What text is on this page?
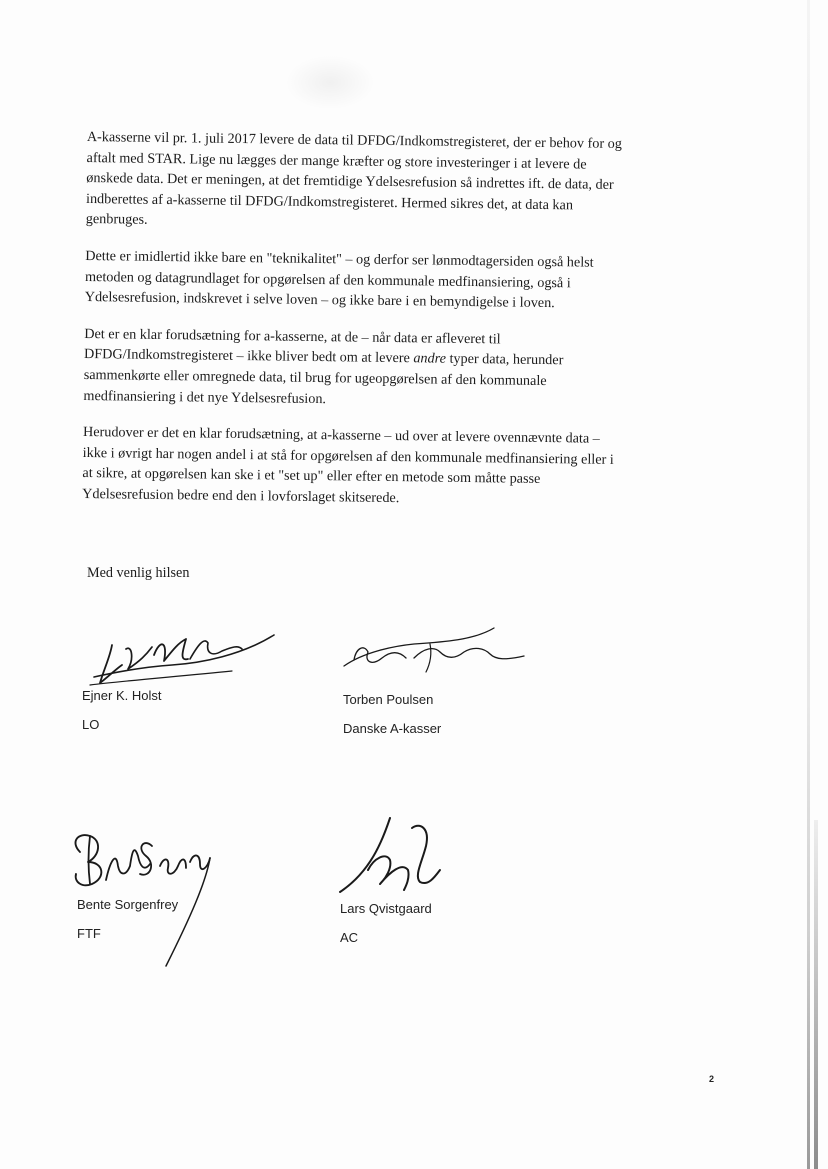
A-kasserne vil pr. 1. juli 2017 levere de data til DFDG/Indkomstregisteret, der er behov for og
aftalt med STAR. Lige nu lægges der mange kræfter og store investeringer i at levere de
ønskede data. Det er meningen, at det fremtidige Ydelsesrefusion så indrettes ift. de data, der
indberettes af a-kasserne til DFDG/Indkomstregisteret. Hermed sikres det, at data kan
genbruges.

Dette er imidlertid ikke bare en "teknikalitet" – og derfor ser lønmodtagersiden også helst
metoden og datagrundlaget for opgørelsen af den kommunale medfinansiering, også i
Ydelsesrefusion, indskrevet i selve loven – og ikke bare i en bemyndigelse i loven.

Det er en klar forudsætning for a-kasserne, at de – når data er afleveret til
DFDG/Indkomstregisteret – ikke bliver bedt om at levere andre typer data, herunder
sammenkørte eller omregnede data, til brug for ugeopgørelsen af den kommunale
medfinansiering i det nye Ydelsesrefusion.

Herudover er det en klar forudsætning, at a-kasserne – ud over at levere ovennævnte data –
ikke i øvrigt har nogen andel i at stå for opgørelsen af den kommunale medfinansiering eller i
at sikre, at opgørelsen kan ske i et "set up" eller efter en metode som måtte passe
Ydelsesrefusion bedre end den i lovforslaget skitserede.

Med venlig hilsen
Ejner K. Holst
LO
Torben Poulsen
Danske A-kasser
Bente Sorgenfrey
FTF
Lars Qvistgaard
AC
2
